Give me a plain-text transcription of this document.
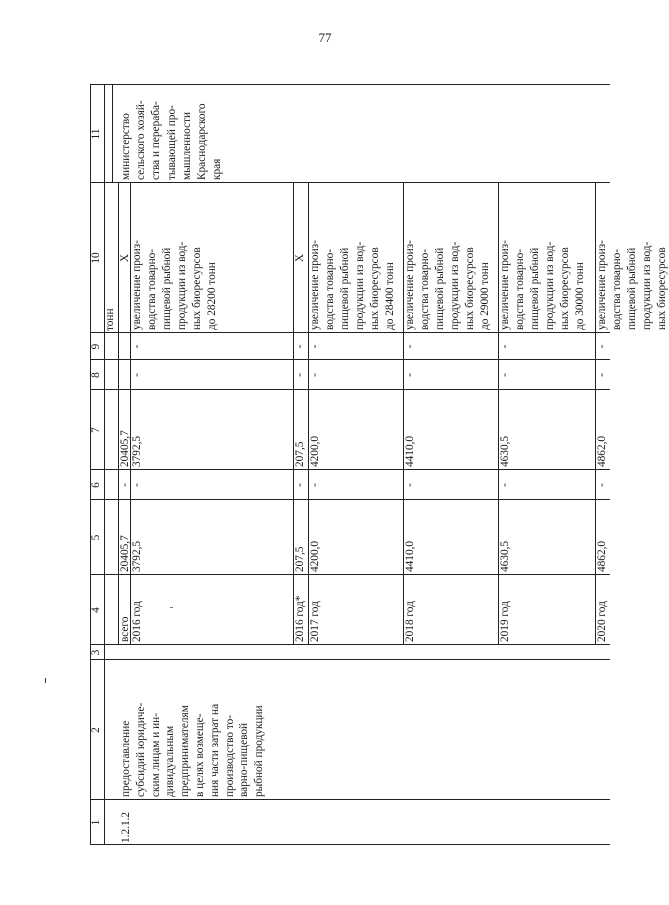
77
1
2
3
4
5
6
7
8
9
10
11
тонн
1.2.1.2
предоставление субсидий юридиче- ским лицам и ин- дивидуальным предпринимателям в целях возмеще- ния части затрат на производство то- варно-пищевой рыбной продукции
министерство сельского хозяй- ства и перераба- тывающей про- мышленности Краснодарского края
всего
20405,7
-
20405,7
X
2016 год
3792,5
-
3792,5
-
-
увеличение произ- водства товарно- пищевой рыбной продукции из вод- ных биоресурсов до 28200 тонн
2016 год*
207,5
-
207,5
-
-
X
2017 год
4200,0
-
4200,0
-
-
увеличение произ- водства товарно- пищевой рыбной продукции из вод- ных биоресурсов до 28400 тонн
2018 год
4410,0
-
4410,0
-
-
увеличение произ- водства товарно- пищевой рыбной продукции из вод- ных биоресурсов до 29000 тонн
2019 год
4630,5
-
4630,5
-
-
увеличение произ- водства товарно- пищевой рыбной продукции из вод- ных биоресурсов до 30000 тонн
2020 год
4862,0
-
4862,0
-
-
увеличение произ- водства товарно- пищевой рыбной продукции из вод- ных биоресурсов
